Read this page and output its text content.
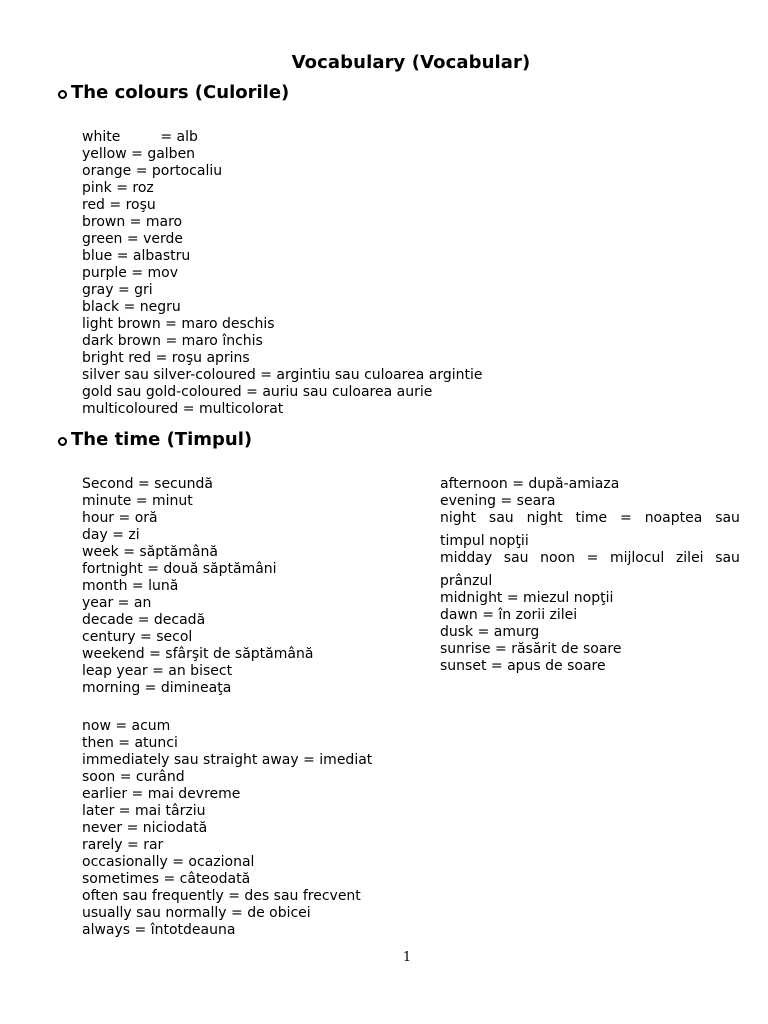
Vocabulary (Vocabular)
The colours (Culorile)
white         = alb
yellow = galben
orange = portocaliu
pink = roz
red = roşu
brown = maro
green = verde
blue = albastru
purple = mov
gray = gri
black = negru
light brown = maro deschis
dark brown = maro închis
bright red = roşu aprins
silver sau silver-coloured = argintiu sau culoarea argintie
gold sau gold-coloured = auriu sau culoarea aurie
multicoloured = multicolorat
The time (Timpul)
Second = secundă
minute = minut
hour = oră
day = zi
week = săptămână
fortnight = două săptămâni
month = lună
year = an
decade = decadă
century = secol
weekend = sfârşit de săptămână
leap year = an bisect
morning = dimineaţa
afternoon = după-amiaza
evening = seara
night sau night time = noaptea sau
timpul nopţii
midday sau noon = mijlocul zilei sau
prânzul
midnight = miezul nopţii
dawn = în zorii zilei
dusk = amurg
sunrise = răsărit de soare
sunset = apus de soare
now = acum
then = atunci
immediately sau straight away = imediat
soon = curând
earlier = mai devreme
later = mai târziu
never = niciodată
rarely = rar
occasionally = ocazional
sometimes = câteodată
often sau frequently = des sau frecvent
usually sau normally = de obicei
always = întotdeauna
1
